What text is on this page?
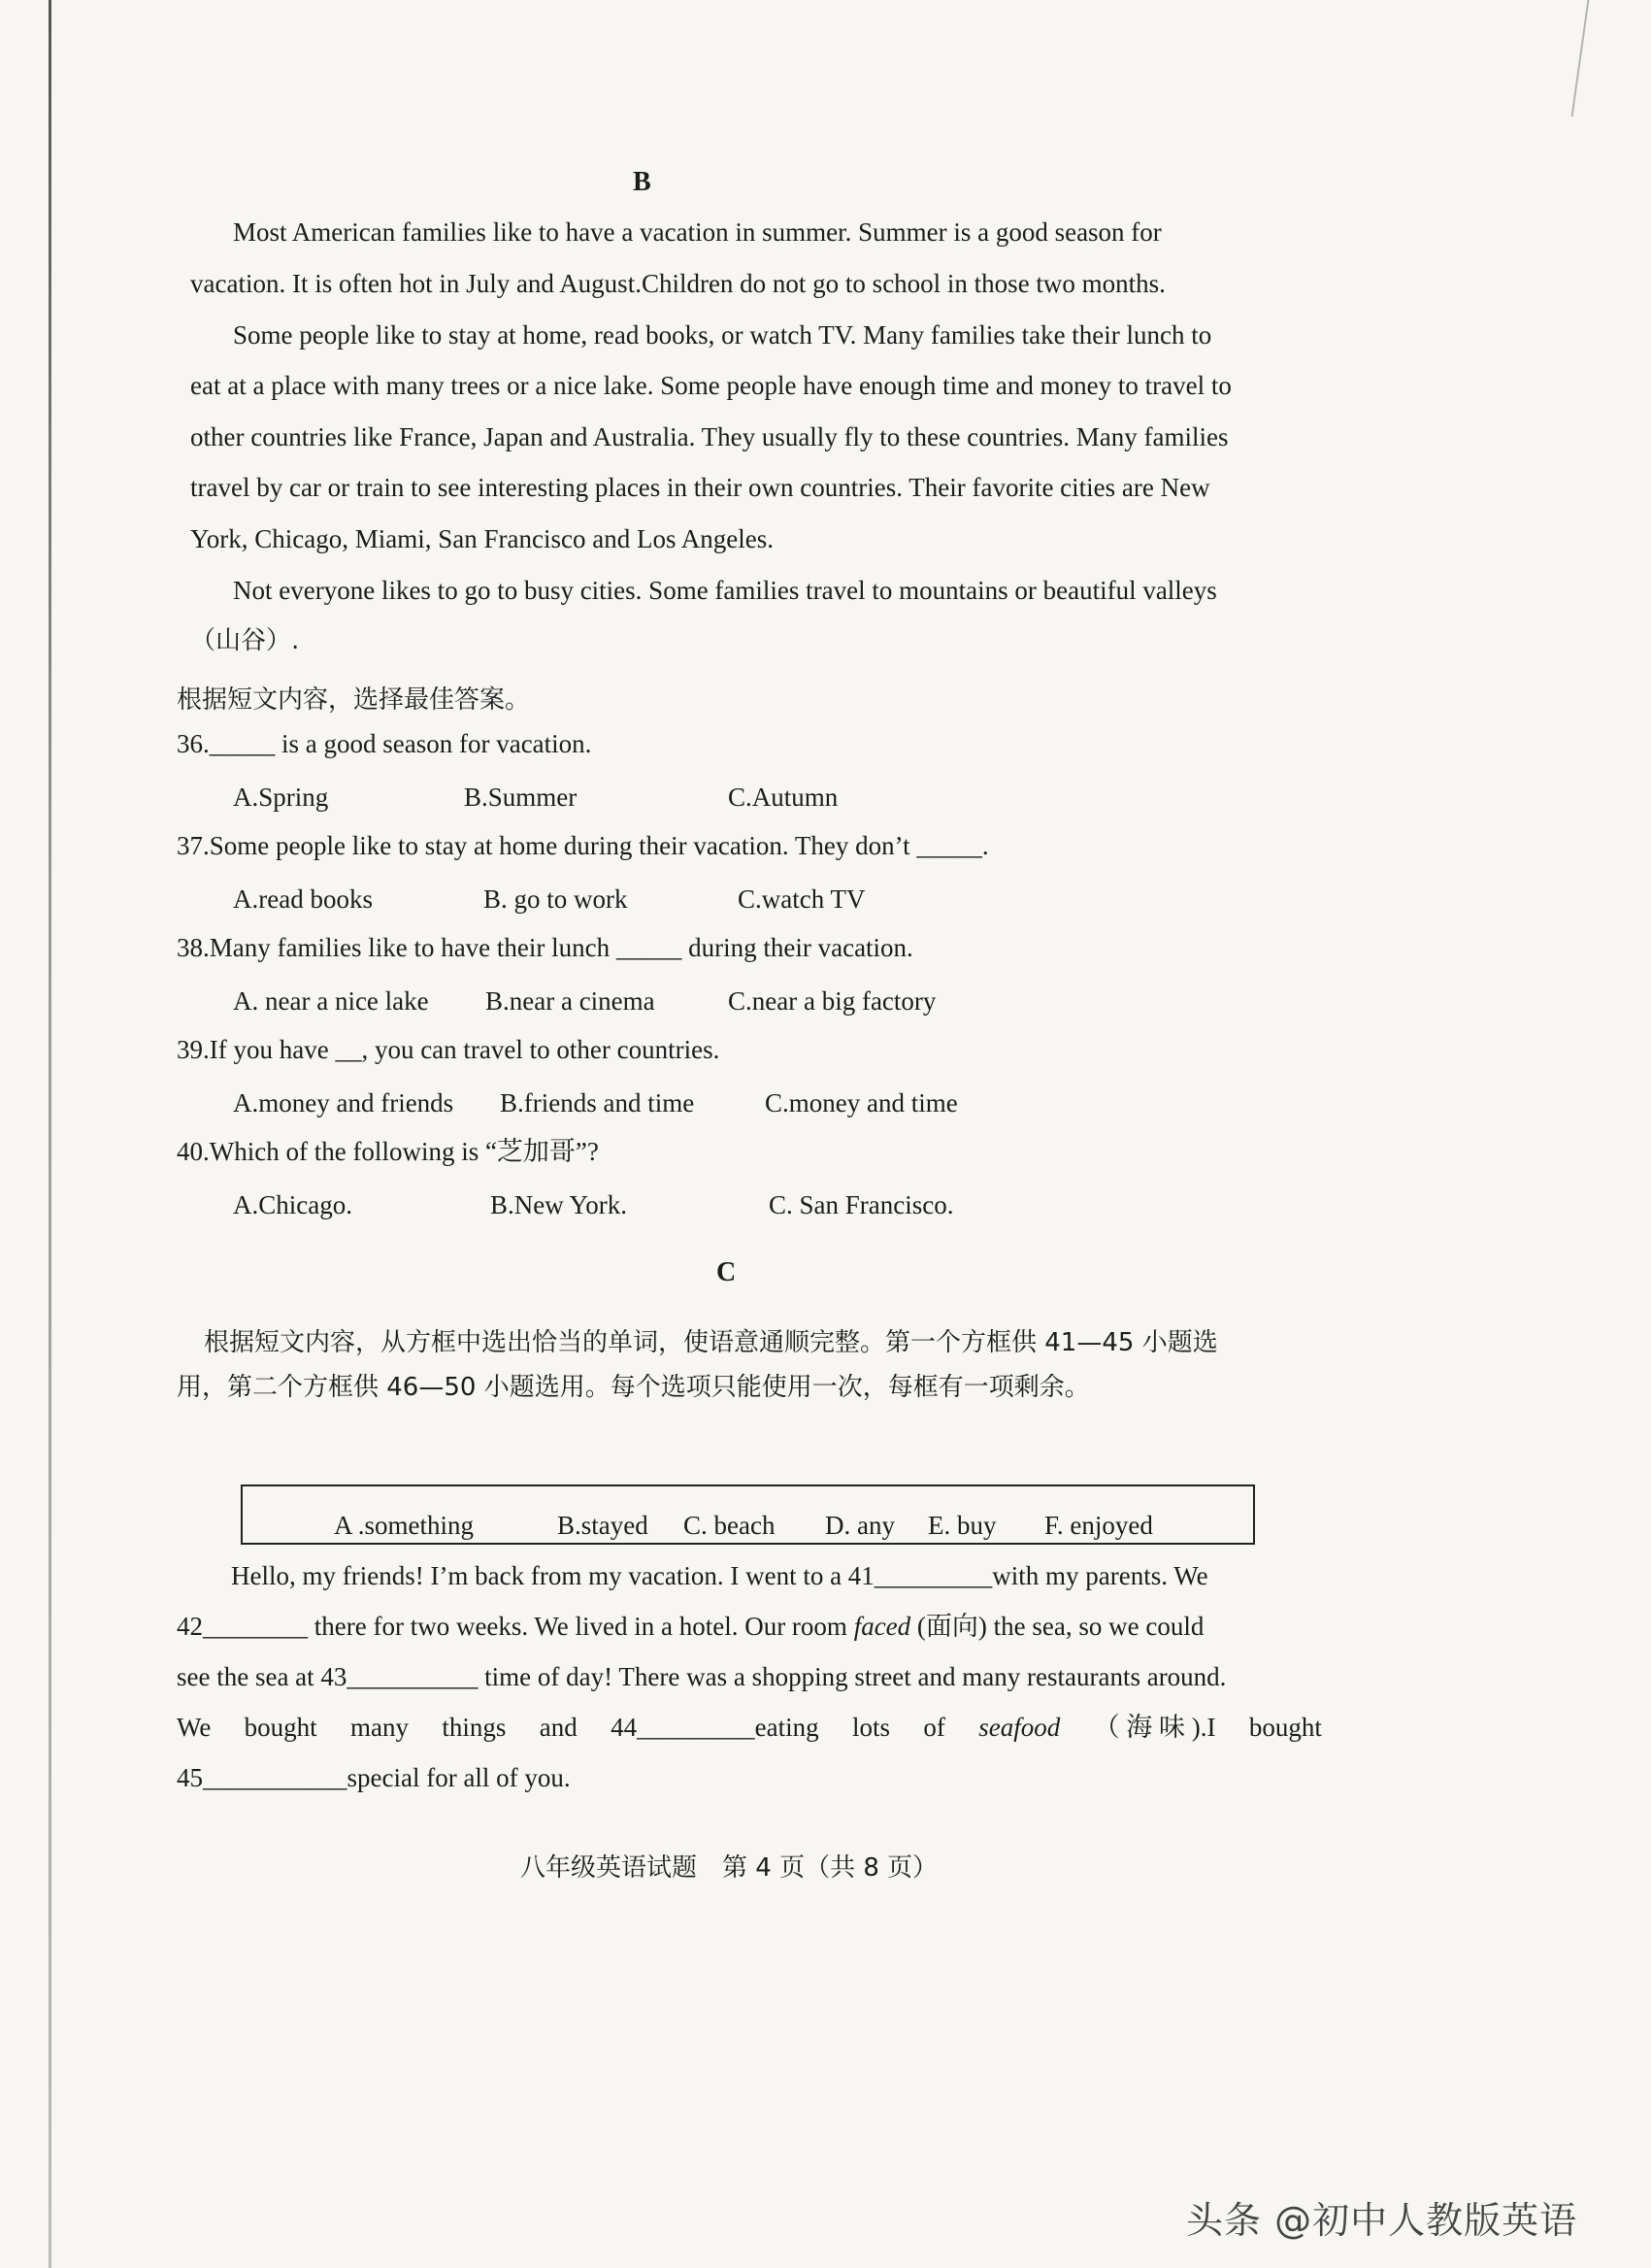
B
Most American families like to have a vacation in summer. Summer is a good season for
vacation. It is often hot in July and August.Children do not go to school in those two months.
Some people like to stay at home, read books, or watch TV. Many families take their lunch to
eat at a place with many trees or a nice lake. Some people have enough time and money to travel to
other countries like France, Japan and Australia. They usually fly to these countries. Many families
travel by car or train to see interesting places in their own countries. Their favorite cities are New
York, Chicago, Miami, San Francisco and Los Angeles.
Not everyone likes to go to busy cities. Some families travel to mountains or beautiful valleys
（山谷）.
根据短文内容，选择最佳答案。
36._____ is a good season for vacation.
A.Spring	B.Summer	C.Autumn
37.Some people like to stay at home during their vacation. They don’t _____.
A.read books	B. go to work	C.watch TV
38.Many families like to have their lunch _____ during their vacation.
A. near a nice lake B.near a cinema	C.near a big factory
39.If you have __, you can travel to other countries.
A.money and friends B.friends and time	C.money and time
40.Which of the following is “芝加哥”?
A.Chicago.	B.New York.	C. San Francisco.
C
根据短文内容，从方框中选出恰当的单词，使语意通顺完整。第一个方框供 41—45 小题选
用，第二个方框供 46—50 小题选用。每个选项只能使用一次，每框有一项剩余。
A .something	B.stayed C. beach D. any E. buy F. enjoyed
Hello, my friends! I’m back from my vacation. I went to a 41_________with my parents. We
42________ there for two weeks. We lived in a hotel. Our room faced (面向) the sea, so we could
see the sea at 43__________ time of day! There was a shopping street and many restaurants around.
We bought many things and 44_________eating lots of seafood （ 海 味 ).I bought
45___________special for all of you.
八年级英语试题　第 4 页（共 8 页）
头条 @初中人教版英语
